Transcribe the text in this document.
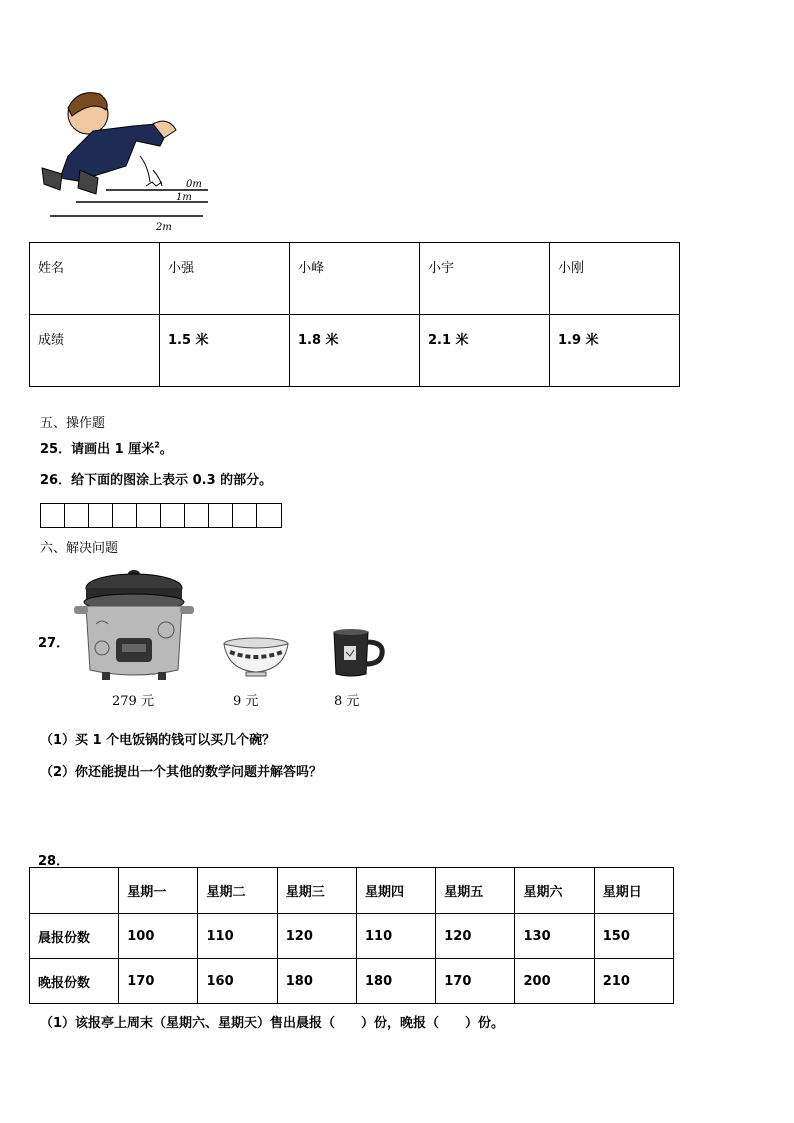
0m
1m
2m
姓名	小强	小峰	小宇	小刚
成绩	1.5 米	1.8 米	2.1 米	1.9 米
五、操作题
25．请画出 1 厘米$^2$。
26．给下面的图涂上表示 0.3 的部分。
六、解决问题
27．
279 元	9 元	8 元
（1）买 1 个电饭锅的钱可以买几个碗？
（2）你还能提出一个其他的数学问题并解答吗？
28．
	星期一	星期二	星期三	星期四	星期五	星期六	星期日
晨报份数	100	110	120	110	120	130	150
晚报份数	170	160	180	180	170	200	210
（1）该报亭上周末（星期六、星期天）售出晨报（　　）份，晚报（　　）份。
